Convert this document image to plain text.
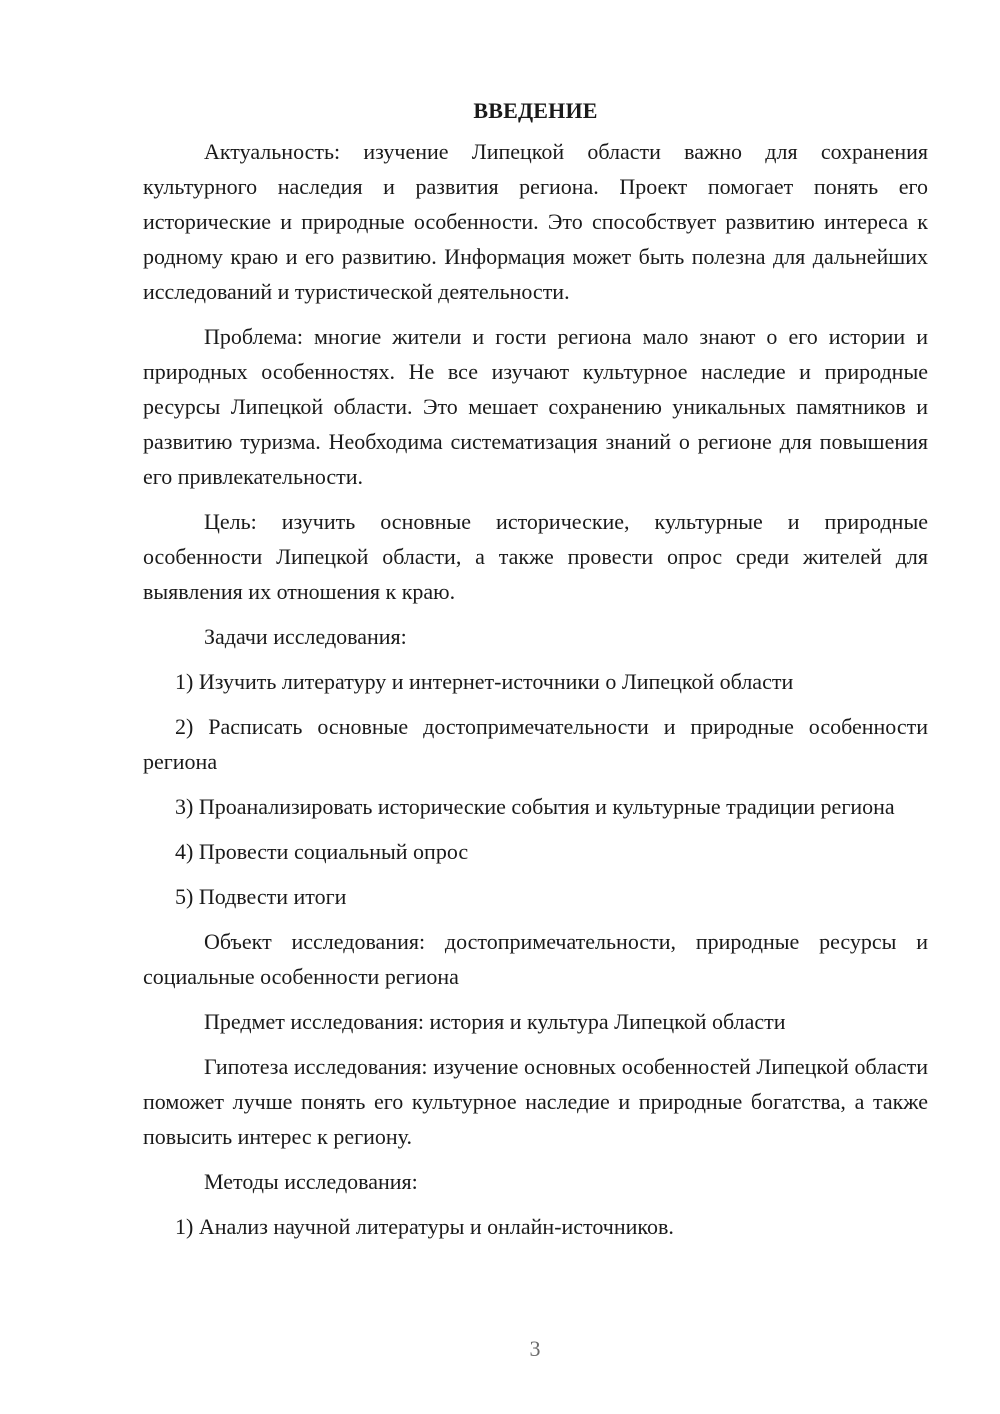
ВВЕДЕНИЕ

Актуальность: изучение Липецкой области важно для сохранения культурного наследия и развития региона. Проект помогает понять его исторические и природные особенности. Это способствует развитию интереса к родному краю и его развитию. Информация может быть полезна для дальнейших исследований и туристической деятельности.

Проблема: многие жители и гости региона мало знают о его истории и природных особенностях. Не все изучают культурное наследие и природные ресурсы Липецкой области. Это мешает сохранению уникальных памятников и развитию туризма. Необходима систематизация знаний о регионе для повышения его привлекательности.

Цель: изучить основные исторические, культурные и природные особенности Липецкой области, а также провести опрос среди жителей для выявления их отношения к краю.

Задачи исследования:

1) Изучить литературу и интернет-источники о Липецкой области

2) Расписать основные достопримечательности и природные особенности региона

3) Проанализировать исторические события и культурные традиции региона

4) Провести социальный опрос

5) Подвести итоги

Объект исследования: достопримечательности, природные ресурсы и социальные особенности региона

Предмет исследования: история и культура Липецкой области

Гипотеза исследования: изучение основных особенностей Липецкой области поможет лучше понять его культурное наследие и природные богатства, а также повысить интерес к региону.

Методы исследования:

1) Анализ научной литературы и онлайн-источников.

3
